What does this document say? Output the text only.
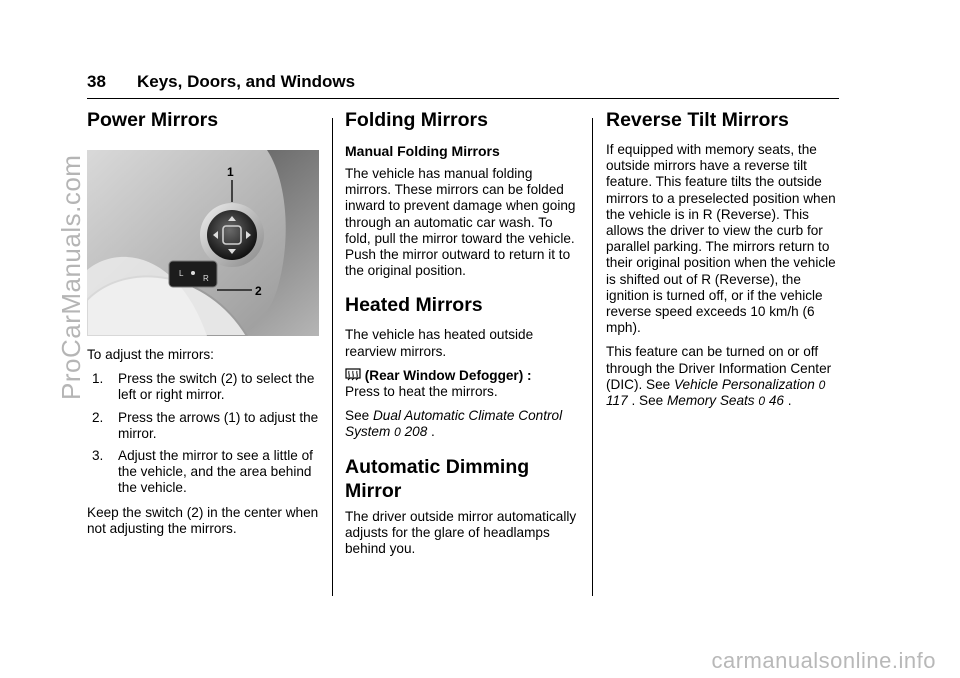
38 Keys, Doors, and Windows
Power Mirrors
L
R
1
2

To adjust the mirrors:

1.	Press the switch (2) to select the left or right mirror.
2.	Press the arrows (1) to adjust the mirror.
3.	Adjust the mirror to see a little of the vehicle, and the area behind the vehicle.

Keep the switch (2) in the center when not adjusting the mirrors.

Folding Mirrors
Manual Folding Mirrors

The vehicle has manual folding mirrors. These mirrors can be folded inward to prevent damage when going through an automatic car wash. To fold, pull the mirror toward the vehicle. Push the mirror outward to return it to the original position.

Heated Mirrors

The vehicle has heated outside rearview mirrors.

(Rear Window Defogger) :
Press to heat the mirrors.

See Dual Automatic Climate Control System 0 208 .

Automatic Dimming
Mirror

The driver outside mirror automatically adjusts for the glare of headlamps behind you.

Reverse Tilt Mirrors

If equipped with memory seats, the outside mirrors have a reverse tilt feature. This feature tilts the outside mirrors to a preselected position when the vehicle is in R (Reverse). This allows the driver to view the curb for parallel parking. The mirrors return to their original position when the vehicle is shifted out of R (Reverse), the ignition is turned off, or if the vehicle reverse speed exceeds 10 km/h (6 mph).

This feature can be turned on or off through the Driver Information Center (DIC). See Vehicle Personalization 0 117 . See Memory Seats 0 46 .

ProCarManuals.com
carmanualsonline.info
